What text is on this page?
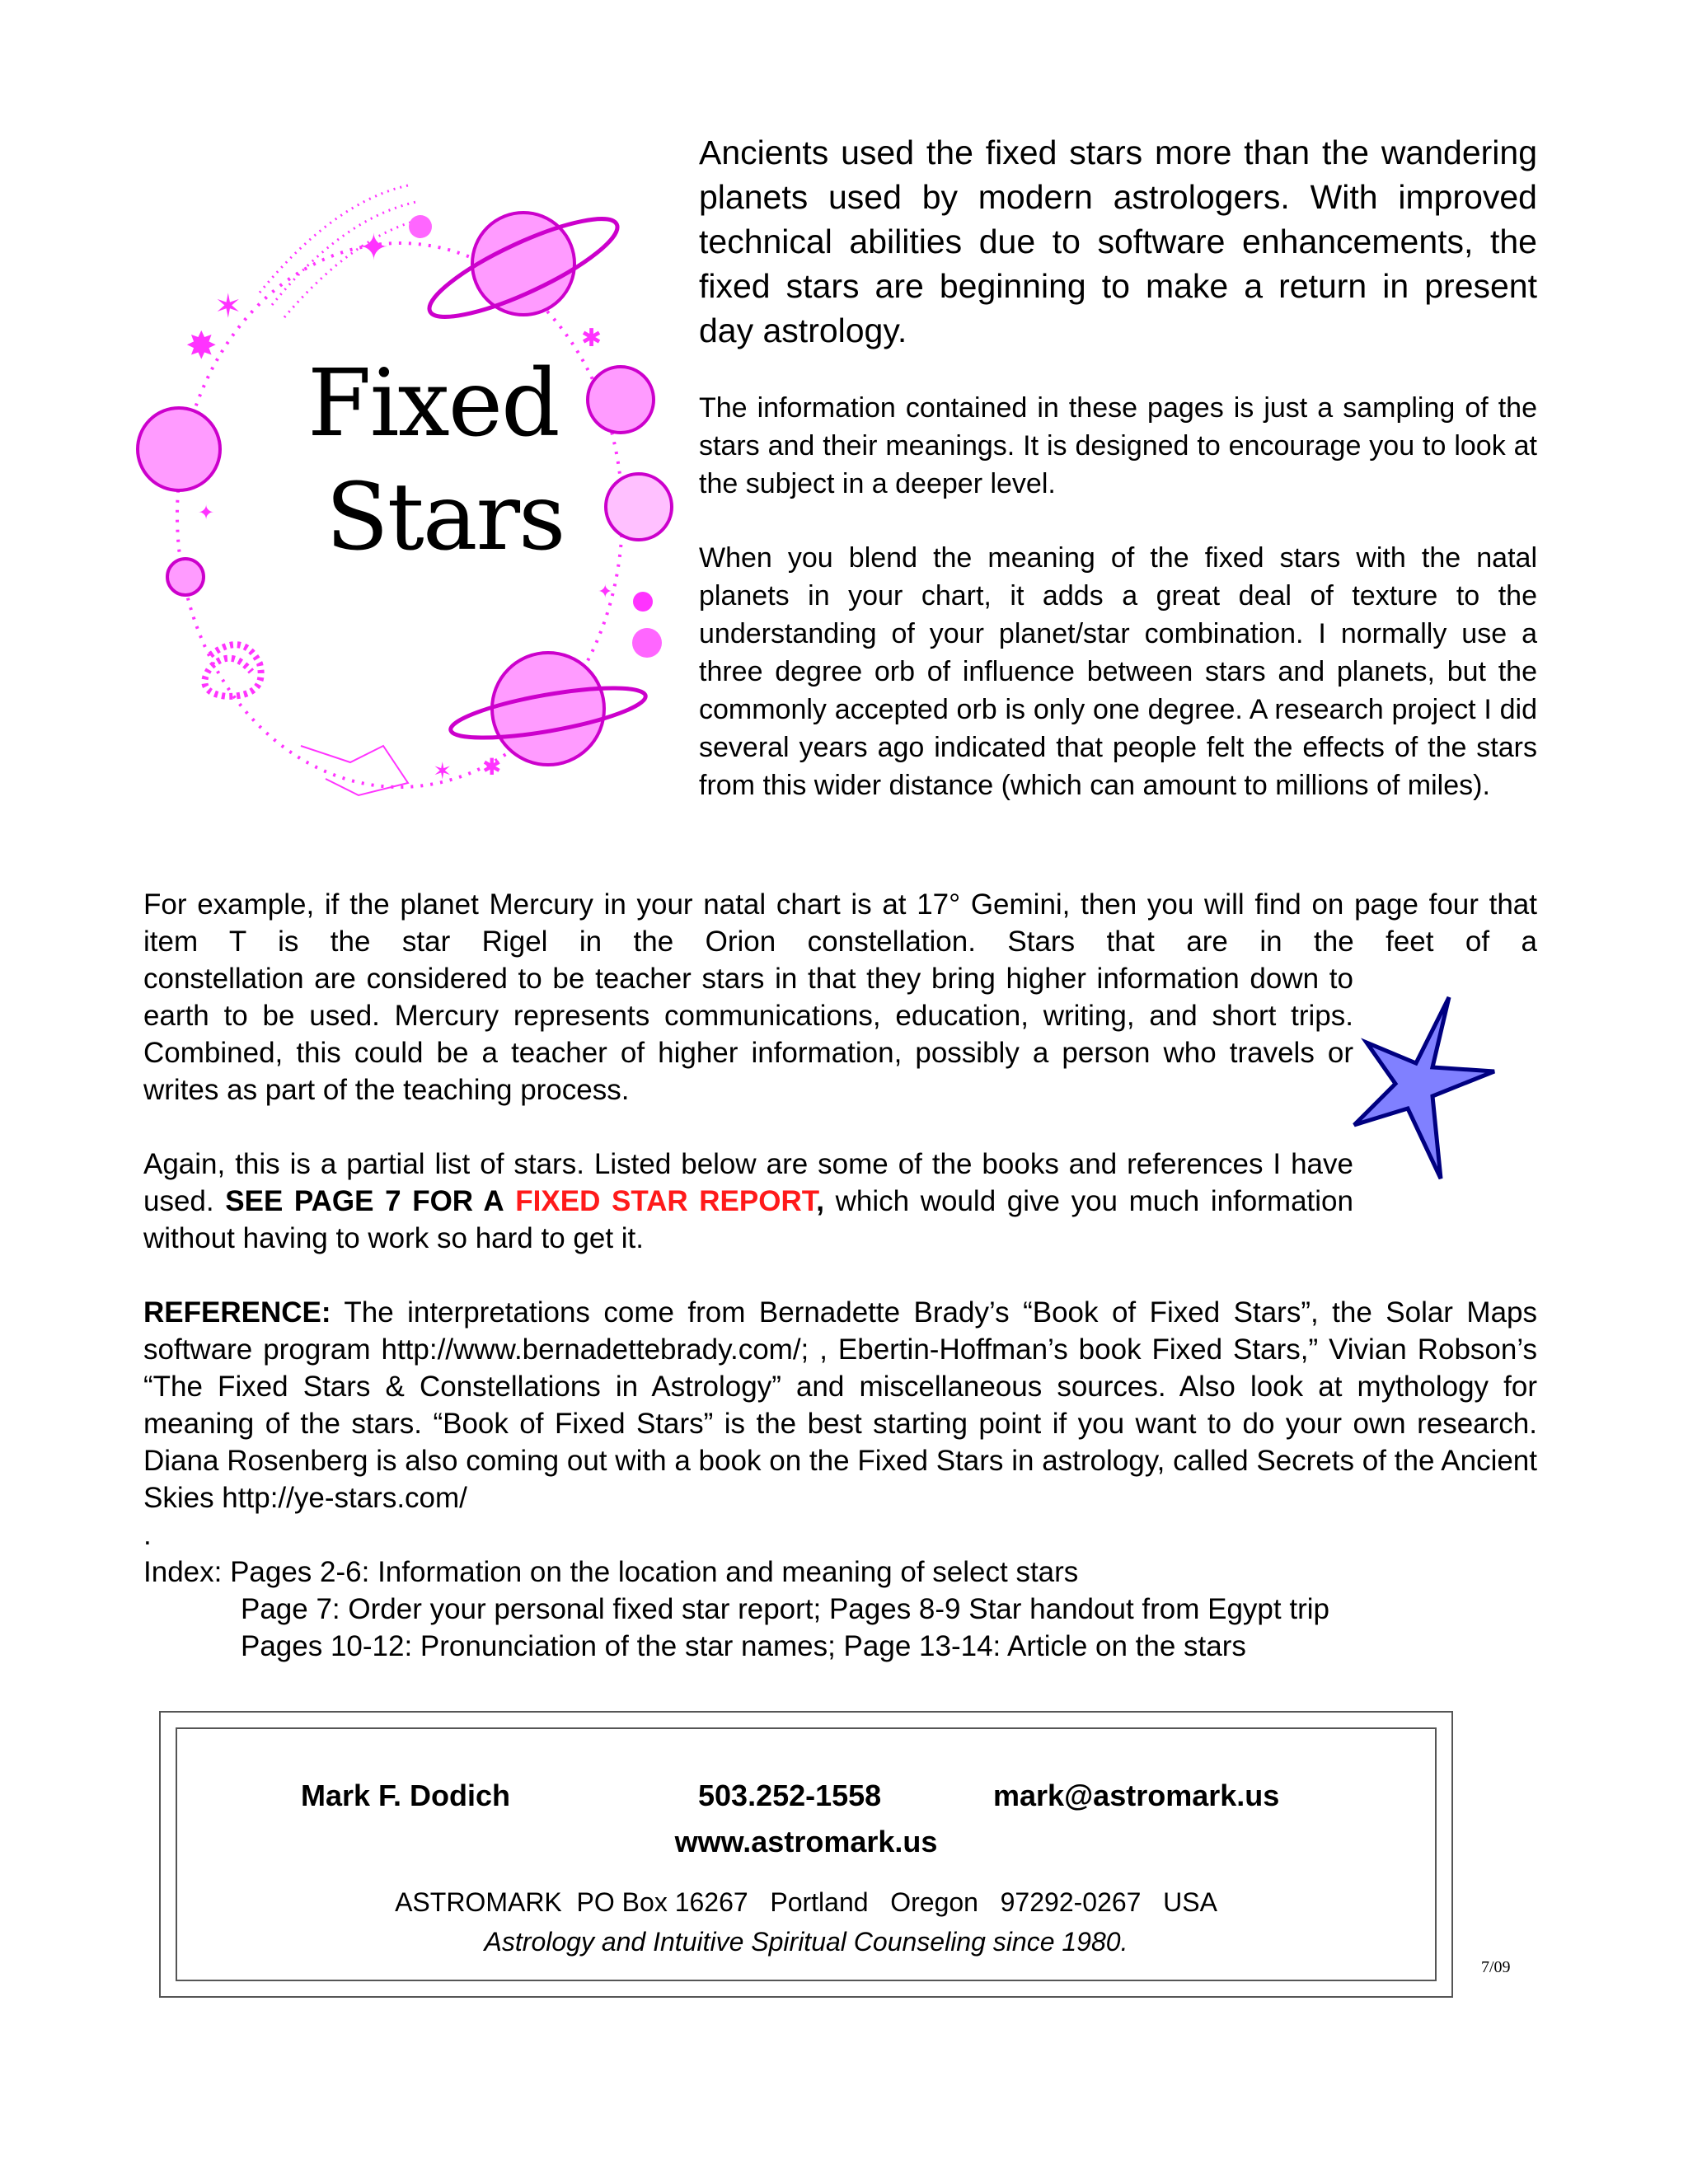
✦
✶
✸	✱
✦
✦
✶ ✱
Fixed
Stars

Ancients used the fixed stars more than the wandering planets used by modern astrologers. With improved technical abilities due to software enhancements, the fixed stars are beginning to make a return in present day astrology.

The information contained in these pages is just a sampling of the stars and their meanings. It is designed to encourage you to look at the subject in a deeper level.

When you blend the meaning of the fixed stars with the natal planets in your chart, it adds a great deal of texture to the understanding of your planet/star combination. I normally use a three degree orb of influence between stars and planets, but the commonly accepted orb is only one degree. A research project I did several years ago indicated that people felt the effects of the stars from this wider distance (which can amount to millions of miles).

For example, if the planet Mercury in your natal chart is at 17° Gemini, then you will find on page four that item T is the star Rigel in the Orion constellation. Stars that are in the feet of a

constellation are considered to be teacher stars in that they bring higher information down to earth to be used. Mercury represents communications, education, writing, and short trips. Combined, this could be a teacher of higher information, possibly a person who travels or writes as part of the teaching process.

Again, this is a partial list of stars. Listed below are some of the books and references I have used. SEE PAGE 7 FOR A FIXED STAR REPORT, which would give you much information without having to work so hard to get it.

REFERENCE: The interpretations come from Bernadette Brady’s “Book of Fixed Stars”, the Solar Maps software program http://www.bernadettebrady.com/; , Ebertin-Hoffman’s book Fixed Stars,” Vivian Robson’s “The Fixed Stars & Constellations in Astrology” and miscellaneous sources. Also look at mythology for meaning of the stars. “Book of Fixed Stars” is the best starting point if you want to do your own research. Diana Rosenberg is also coming out with a book on the Fixed Stars in astrology, called Secrets of the Ancient Skies http://ye-stars.com/

.

Index: Pages 2-6: Information on the location and meaning of select stars
Page 7: Order your personal fixed star report; Pages 8-9 Star handout from Egypt trip
Pages 10-12: Pronunciation of the star names; Page 13-14: Article on the stars
Mark F. Dodich	503.252-1558	mark@astromark.us
www.astromark.us
ASTROMARK  PO Box 16267   Portland   Oregon   97292-0267   USA
Astrology and Intuitive Spiritual Counseling since 1980.
7/09
